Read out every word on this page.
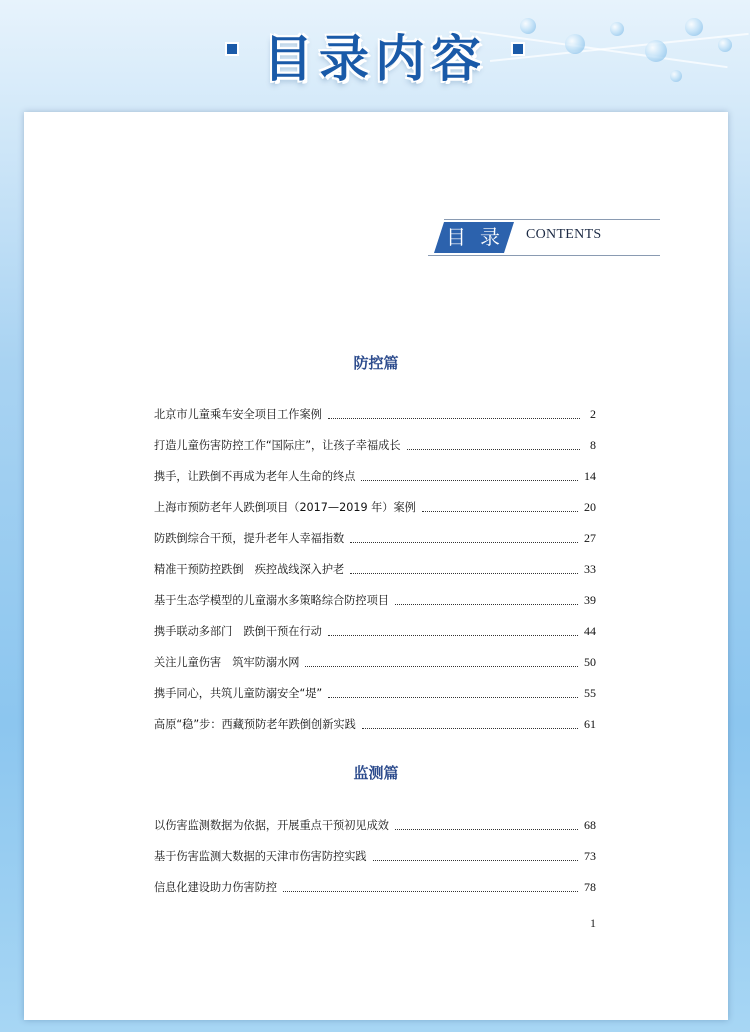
目录内容
目录 CONTENTS
防控篇
北京市儿童乘车安全项目工作案例	2
打造儿童伤害防控工作“国际庄”，让孩子幸福成长	8
携手，让跌倒不再成为老年人生命的终点	14
上海市预防老年人跌倒项目（2017—2019 年）案例	20
防跌倒综合干预，提升老年人幸福指数	27
精准干预防控跌倒　疾控战线深入护老	33
基于生态学模型的儿童溺水多策略综合防控项目	39
携手联动多部门　跌倒干预在行动	44
关注儿童伤害　筑牢防溺水网	50
携手同心，共筑儿童防溺安全“堤”	55
高原“稳”步：西藏预防老年跌倒创新实践	61
监测篇
以伤害监测数据为依据，开展重点干预初见成效	68
基于伤害监测大数据的天津市伤害防控实践	73
信息化建设助力伤害防控	78
1
